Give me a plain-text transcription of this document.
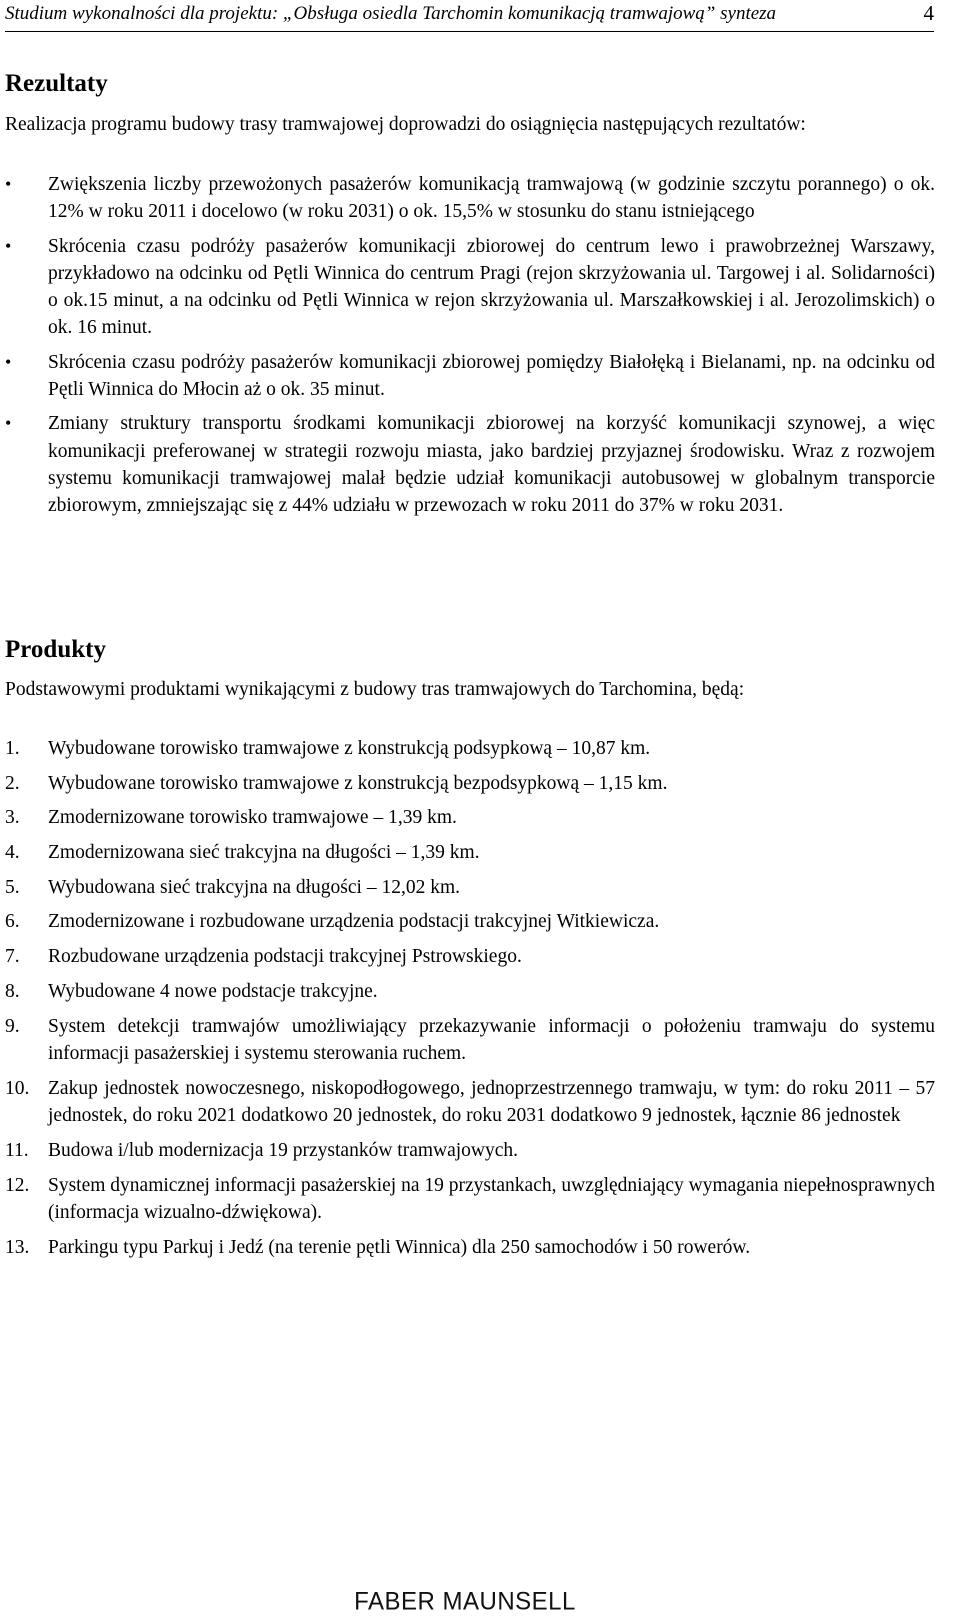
Studium wykonalności dla projektu: „Obsługa osiedla Tarchomin komunikacją tramwajową” synteza	4
Rezultaty
Realizacja programu budowy trasy tramwajowej doprowadzi do osiągnięcia następujących rezultatów:
• Zwiększenia liczby przewożonych pasażerów komunikacją tramwajową (w godzinie szczytu porannego) o ok. 12% w roku 2011 i docelowo (w roku 2031) o ok. 15,5% w stosunku do stanu istniejącego
• Skrócenia czasu podróży pasażerów komunikacji zbiorowej do centrum lewo i prawobrzeżnej Warszawy, przykładowo na odcinku od Pętli Winnica do centrum Pragi (rejon skrzyżowania ul. Targowej i al. Solidarności) o ok.15 minut, a na odcinku od Pętli Winnica w rejon skrzyżowania ul. Marszałkowskiej i al. Jerozolimskich) o ok. 16 minut.
• Skrócenia czasu podróży pasażerów komunikacji zbiorowej pomiędzy Białołęką i Bielanami, np. na odcinku od Pętli Winnica do Młocin aż o ok. 35 minut.
• Zmiany struktury transportu środkami komunikacji zbiorowej na korzyść komunikacji szynowej, a więc komunikacji preferowanej w strategii rozwoju miasta, jako bardziej przyjaznej środowisku. Wraz z rozwojem systemu komunikacji tramwajowej malał będzie udział komunikacji autobusowej w globalnym transporcie zbiorowym, zmniejszając się z 44% udziału w przewozach w roku 2011 do 37% w roku 2031.
Produkty
Podstawowymi produktami wynikającymi z budowy tras tramwajowych do Tarchomina, będą:
1. Wybudowane torowisko tramwajowe z konstrukcją podsypkową – 10,87 km.
2. Wybudowane torowisko tramwajowe z konstrukcją bezpodsypkową – 1,15 km.
3. Zmodernizowane torowisko tramwajowe – 1,39 km.
4. Zmodernizowana sieć trakcyjna na długości – 1,39 km.
5. Wybudowana sieć trakcyjna na długości – 12,02 km.
6. Zmodernizowane i rozbudowane urządzenia podstacji trakcyjnej Witkiewicza.
7. Rozbudowane urządzenia podstacji trakcyjnej Pstrowskiego.
8. Wybudowane 4 nowe podstacje trakcyjne.
9. System detekcji tramwajów umożliwiający przekazywanie informacji o położeniu tramwaju do systemu informacji pasażerskiej i systemu sterowania ruchem.
10. Zakup jednostek nowoczesnego, niskopodłogowego, jednoprzestrzennego tramwaju, w tym: do roku 2011 – 57 jednostek, do roku 2021 dodatkowo 20 jednostek, do roku 2031 dodatkowo 9 jednostek, łącznie 86 jednostek
11. Budowa i/lub modernizacja 19 przystanków tramwajowych.
12. System dynamicznej informacji pasażerskiej na 19 przystankach, uwzględniający wymagania niepełnosprawnych (informacja wizualno-dźwiękowa).
13. Parkingu typu Parkuj i Jedź (na terenie pętli Winnica) dla 250 samochodów i 50 rowerów.
FABER MAUNSELL
